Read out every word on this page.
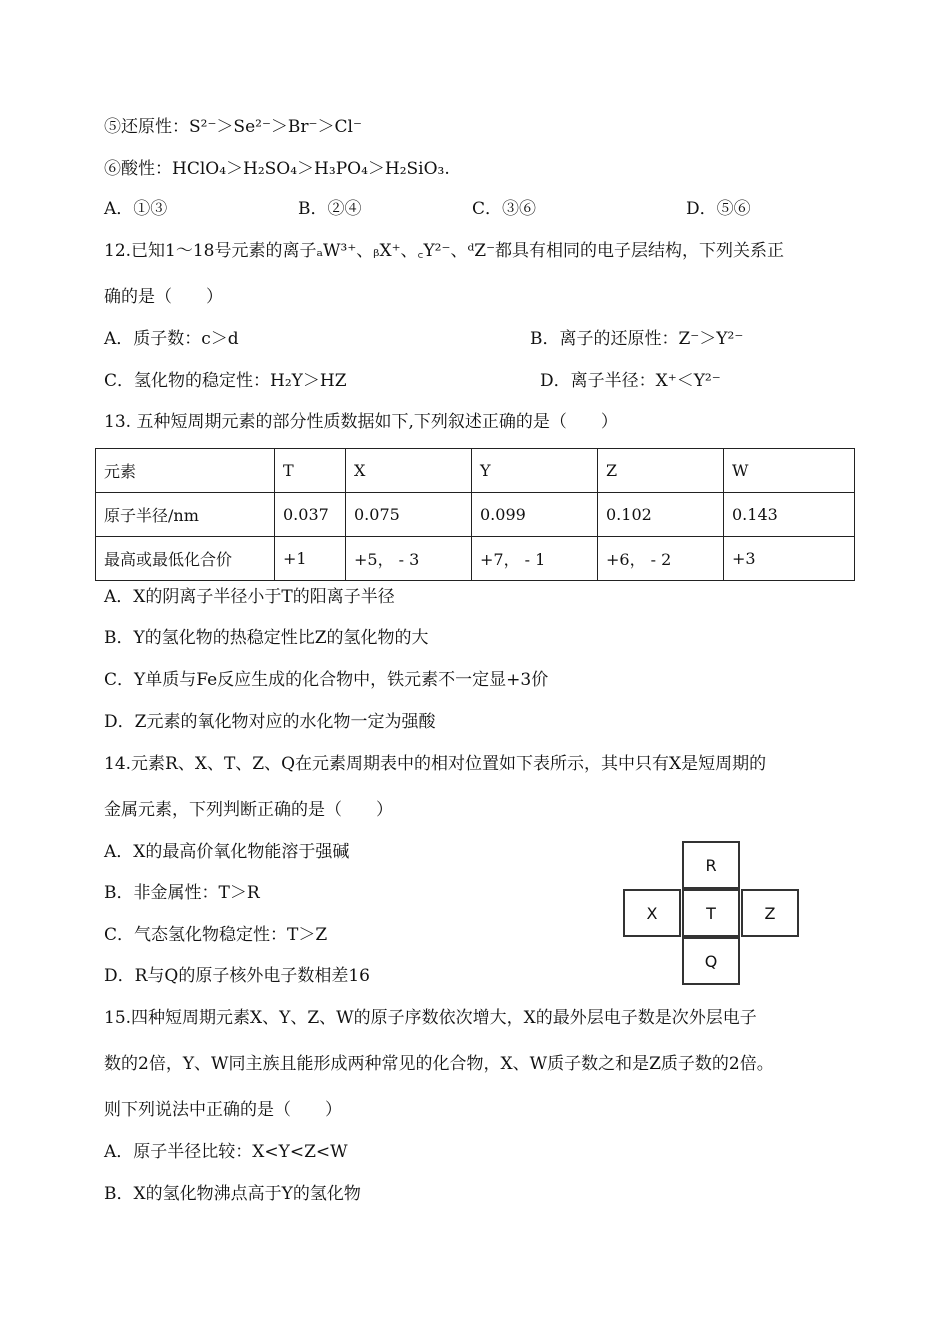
⑤还原性：S²⁻＞Se²⁻＞Br⁻＞Cl⁻
⑥酸性：HClO₄＞H₂SO₄＞H₃PO₄＞H₂SiO₃.
A．①③	B．②④	C．③⑥	D．⑤⑥
12.已知1～18号元素的离子ₐW³⁺、ᵦX⁺、꜀Y²⁻、ᵈZ⁻都具有相同的电子层结构，下列关系正
确的是（　　）
A．质子数：c＞d	B．离子的还原性：Z⁻＞Y²⁻
C．氢化物的稳定性：H₂Y＞HZ	D．离子半径：X⁺＜Y²⁻
13. 五种短周期元素的部分性质数据如下,下列叙述正确的是（　　）
元素	T	X	Y	Z	W
原子半径/nm	0.037	0.075	0.099	0.102	0.143
最高或最低化合价	+1	+5， - 3	+7， - 1	+6， - 2	+3
A．X的阴离子半径小于T的阳离子半径
B．Y的氢化物的热稳定性比Z的氢化物的大
C．Y单质与Fe反应生成的化合物中，铁元素不一定显+3价
D．Z元素的氧化物对应的水化物一定为强酸
14.元素R、X、T、Z、Q在元素周期表中的相对位置如下表所示，其中只有X是短周期的
金属元素，下列判断正确的是（　　）
A．X的最高价氧化物能溶于强碱
B．非金属性：T＞R
C．气态氢化物稳定性：T＞Z
D．R与Q的原子核外电子数相差16
R
X	T	Z
Q
15.四种短周期元素X、Y、Z、W的原子序数依次增大，X的最外层电子数是次外层电子
数的2倍，Y、W同主族且能形成两种常见的化合物，X、W质子数之和是Z质子数的2倍。
则下列说法中正确的是（　　）
A．原子半径比较：X<Y<Z<W
B．X的氢化物沸点高于Y的氢化物
